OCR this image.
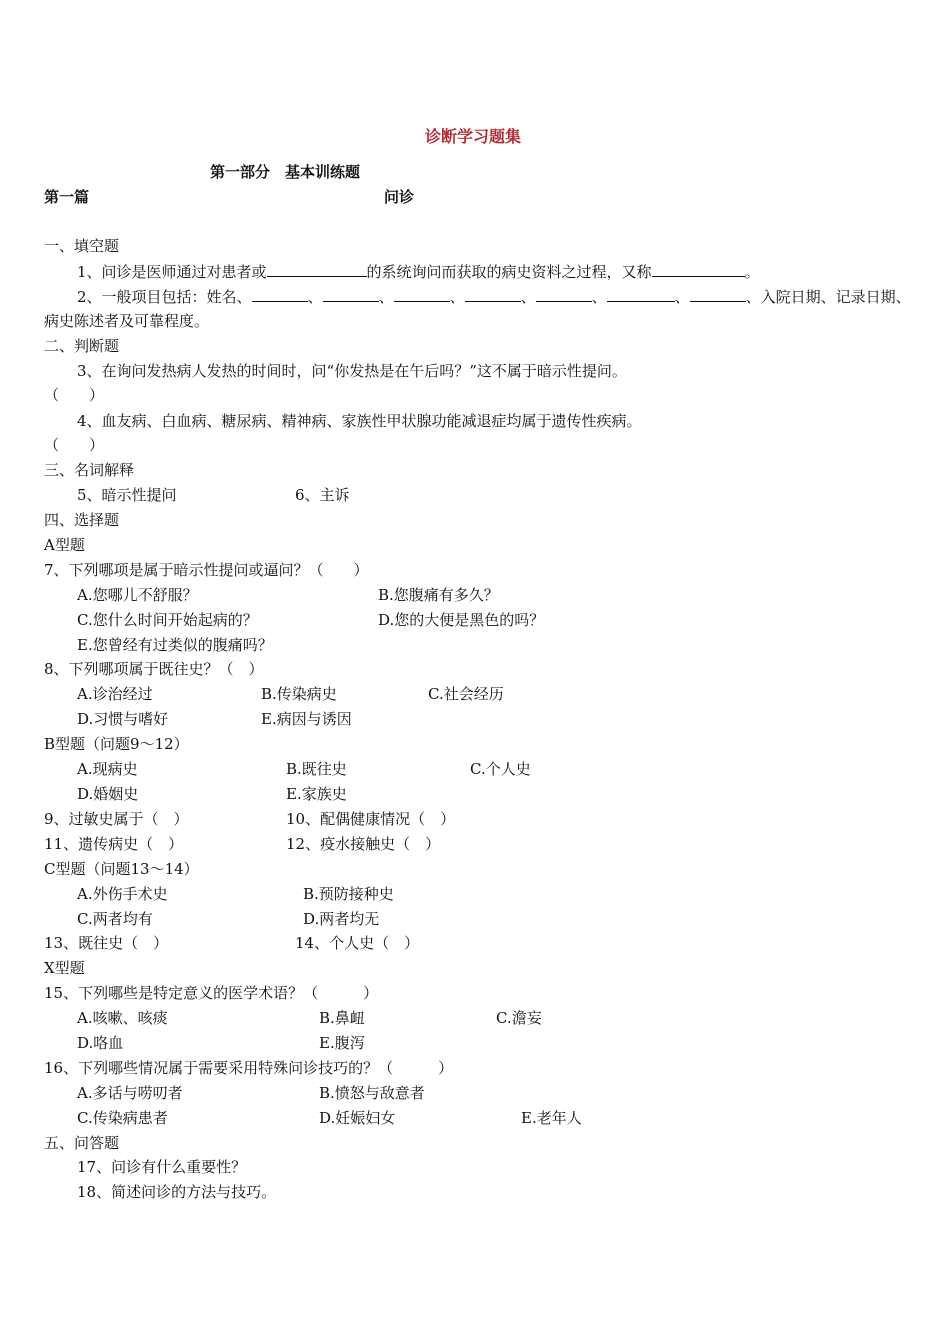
诊断学习题集
第一部分　基本训练题
第一篇	问诊
一、填空题
1、问诊是医师通过对患者或	的系统询问而获取的病史资料之过程，又称	。
2、一般项目包括：姓名、	、	、	、	、	、	、	、入院日期、记录日期、
病史陈述者及可靠程度。
二、判断题
3、在询问发热病人发热的时间时，问“你发热是在午后吗？”这不属于暗示性提问。
（　　）
4、血友病、白血病、糖尿病、精神病、家族性甲状腺功能减退症均属于遗传性疾病。
（　　）
三、名词解释
5、暗示性提问	6、主诉
四、选择题
A型题
7、下列哪项是属于暗示性提问或逼问？（　　）
A.您哪儿不舒服？	B.您腹痛有多久？
C.您什么时间开始起病的？	D.您的大便是黑色的吗？
E.您曾经有过类似的腹痛吗？
8、下列哪项属于既往史？（　）
A.诊治经过	B.传染病史	C.社会经历
D.习惯与嗜好	E.病因与诱因
B型题（问题9～12）
A.现病史	B.既往史	C.个人史
D.婚姻史	E.家族史
9、过敏史属于（　）	10、配偶健康情况（　）
11、遗传病史（　）	12、疫水接触史（　）
C型题（问题13～14）
A.外伤手术史	B.预防接种史
C.两者均有	D.两者均无
13、既往史（　）	14、个人史（　）
X型题
15、下列哪些是特定意义的医学术语？（　　　）
A.咳嗽、咳痰	B.鼻衄	C.澹妄
D.咯血	E.腹泻
16、下列哪些情况属于需要采用特殊问诊技巧的？（　　　）
A.多话与唠叨者	B.愤怒与敌意者
C.传染病患者	D.妊娠妇女	E.老年人
五、问答题
17、问诊有什么重要性？
18、简述问诊的方法与技巧。
